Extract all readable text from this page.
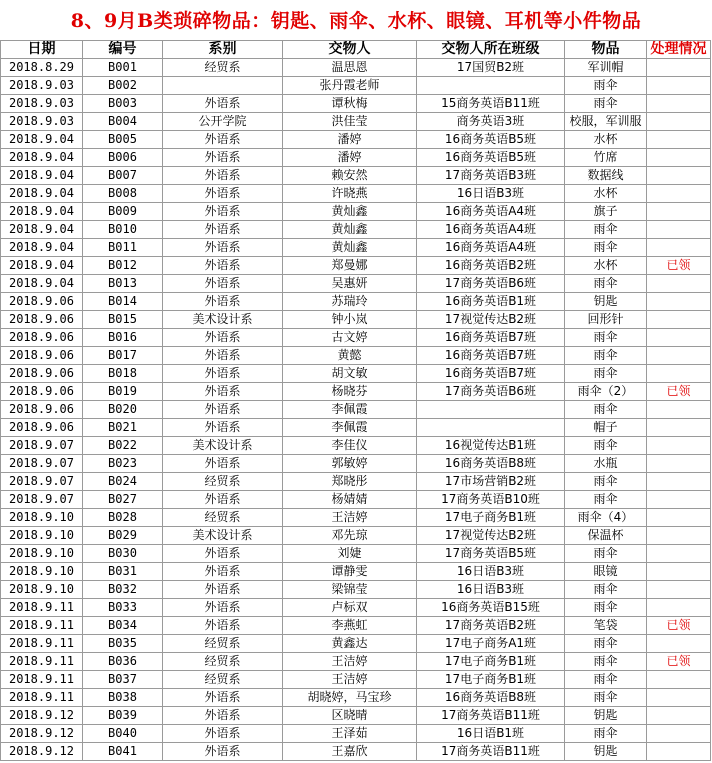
8、9月B类琐碎物品：钥匙、雨伞、水杯、眼镜、耳机等小件物品
日期	编号	系别	交物人	交物人所在班级	物品	处理情况
2018.8.29	B001	经贸系	温思恩	17国贸B2班	军训帽	
2018.9.03	B002		张丹霞老师		雨伞	
2018.9.03	B003	外语系	谭秋梅	15商务英语B11班	雨伞	
2018.9.03	B004	公开学院	洪佳莹	商务英语3班	校服，军训服	
2018.9.04	B005	外语系	潘婷	16商务英语B5班	水杯	
2018.9.04	B006	外语系	潘婷	16商务英语B5班	竹席	
2018.9.04	B007	外语系	赖安然	17商务英语B3班	数据线	
2018.9.04	B008	外语系	许晓燕	16日语B3班	水杯	
2018.9.04	B009	外语系	黄灿鑫	16商务英语A4班	旗子	
2018.9.04	B010	外语系	黄灿鑫	16商务英语A4班	雨伞	
2018.9.04	B011	外语系	黄灿鑫	16商务英语A4班	雨伞	
2018.9.04	B012	外语系	郑曼娜	16商务英语B2班	水杯	已领
2018.9.04	B013	外语系	吴惠妍	17商务英语B6班	雨伞	
2018.9.06	B014	外语系	苏瑞玲	16商务英语B1班	钥匙	
2018.9.06	B015	美术设计系	钟小岚	17视觉传达B2班	回形针	
2018.9.06	B016	外语系	古文婷	16商务英语B7班	雨伞	
2018.9.06	B017	外语系	黄懿	16商务英语B7班	雨伞	
2018.9.06	B018	外语系	胡文敏	16商务英语B7班	雨伞	
2018.9.06	B019	外语系	杨晓芬	17商务英语B6班	雨伞（2）	已领
2018.9.06	B020	外语系	李佩霞		雨伞	
2018.9.06	B021	外语系	李佩霞		帽子	
2018.9.07	B022	美术设计系	李佳仪	16视觉传达B1班	雨伞	
2018.9.07	B023	外语系	郭敏婷	16商务英语B8班	水瓶	
2018.9.07	B024	经贸系	郑晓彤	17市场营销B2班	雨伞	
2018.9.07	B027	外语系	杨婧婧	17商务英语B10班	雨伞	
2018.9.10	B028	经贸系	王洁婷	17电子商务B1班	雨伞（4）	
2018.9.10	B029	美术设计系	邓先琼	17视觉传达B2班	保温杯	
2018.9.10	B030	外语系	刘婕	17商务英语B5班	雨伞	
2018.9.10	B031	外语系	谭静雯	16日语B3班	眼镜	
2018.9.10	B032	外语系	梁锦莹	16日语B3班	雨伞	
2018.9.11	B033	外语系	卢标双	16商务英语B15班	雨伞	
2018.9.11	B034	外语系	李燕虹	17商务英语B2班	笔袋	已领
2018.9.11	B035	经贸系	黄鑫达	17电子商务A1班	雨伞	
2018.9.11	B036	经贸系	王洁婷	17电子商务B1班	雨伞	已领
2018.9.11	B037	经贸系	王洁婷	17电子商务B1班	雨伞	
2018.9.11	B038	外语系	胡晓婷，马宝珍	16商务英语B8班	雨伞	
2018.9.12	B039	外语系	区晓晴	17商务英语B11班	钥匙	
2018.9.12	B040	外语系	王泽茹	16日语B1班	雨伞	
2018.9.12	B041	外语系	王嘉欣	17商务英语B11班	钥匙	
